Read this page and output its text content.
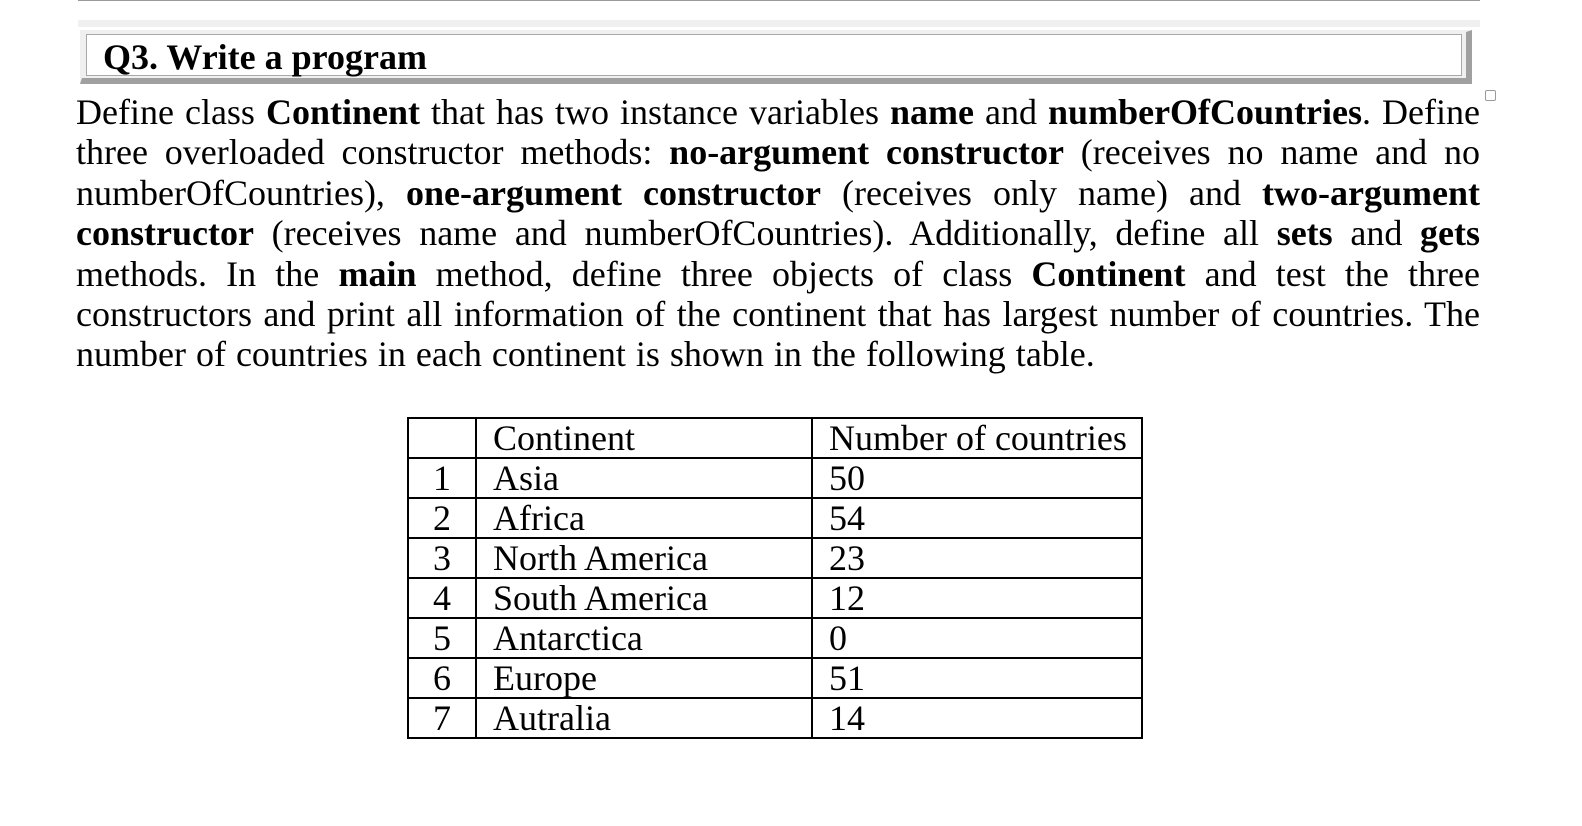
Q3. Write a program
Define class Continent that has two instance variables name and numberOfCountries. Define three overloaded constructor methods: no-argument constructor (receives no name and no numberOfCountries), one-argument constructor (receives only name) and two-argument constructor (receives name and numberOfCountries). Additionally, define all sets and gets methods. In the main method, define three objects of class Continent and test the three constructors and print all information of the continent that has largest number of countries. The number of countries in each continent is shown in the following table.
	Continent	Number of countries
1	Asia	50
2	Africa	54
3	North America	23
4	South America	12
5	Antarctica	0
6	Europe	51
7	Autralia	14
